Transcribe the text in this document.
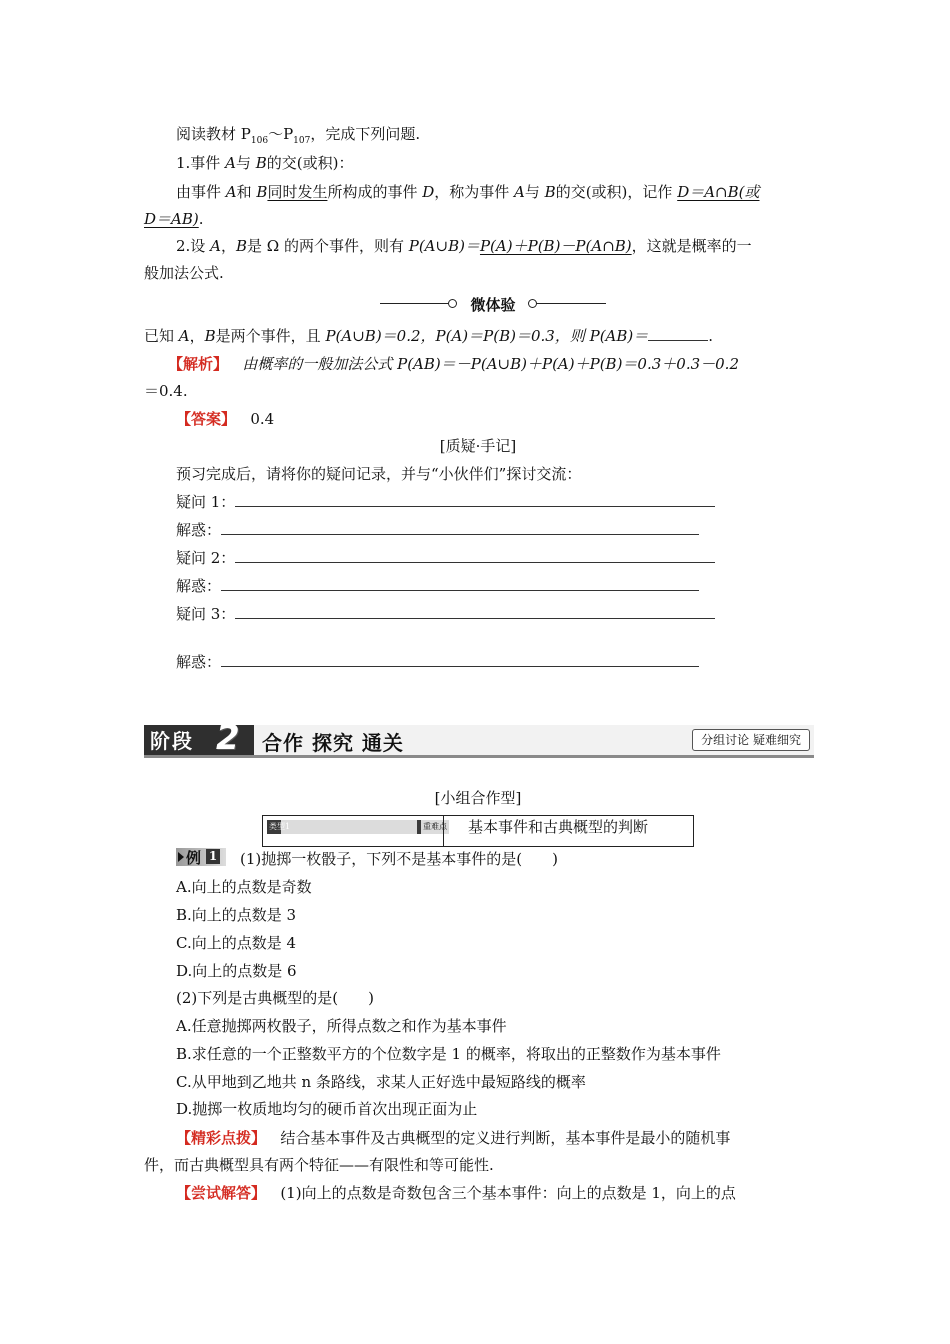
阅读教材 $P_{106}\sim P_{107}$，完成下列问题.
1.事件 A与 B的交(或积)：
由事件 A和 B同时发生所构成的事件 D，称为事件 A与 B的交(或积)，记作 D＝A∩B(或
D＝AB).
2.设 A，B是 Ω 的两个事件，则有 P(A∪B)＝P(A)＋P(B)－P(A∩B)，这就是概率的一
般加法公式.
微体验
已知 A，B是两个事件，且 P(A∪B)＝0.2，P(A)＝P(B)＝0.3，则 P(AB)＝	.
【解析】 由概率的一般加法公式 P(AB)＝－P(A∪B)＋P(A)＋P(B)＝0.3＋0.3－0.2
＝0.4.
【答案】 0.4
[质疑·手记]
预习完成后，请将你的疑问记录，并与“小伙伴们”探讨交流：
疑问 1：
解惑：
疑问 2：
解惑：
疑问 3：
解惑：
阶段 2 合作 探究 通关	分组讨论 疑难细究
[小组合作型]
类型1	重难点	基本事件和古典概型的判断
例 1 (1)抛掷一枚骰子，下列不是基本事件的是(　　)
A.向上的点数是奇数
B.向上的点数是 3
C.向上的点数是 4
D.向上的点数是 6
(2)下列是古典概型的是(　　)
A.任意抛掷两枚骰子，所得点数之和作为基本事件
B.求任意的一个正整数平方的个位数字是 1 的概率，将取出的正整数作为基本事件
C.从甲地到乙地共 n 条路线，求某人正好选中最短路线的概率
D.抛掷一枚质地均匀的硬币首次出现正面为止
【精彩点拨】 结合基本事件及古典概型的定义进行判断，基本事件是最小的随机事
件，而古典概型具有两个特征——有限性和等可能性.
【尝试解答】 (1)向上的点数是奇数包含三个基本事件：向上的点数是 1，向上的点
